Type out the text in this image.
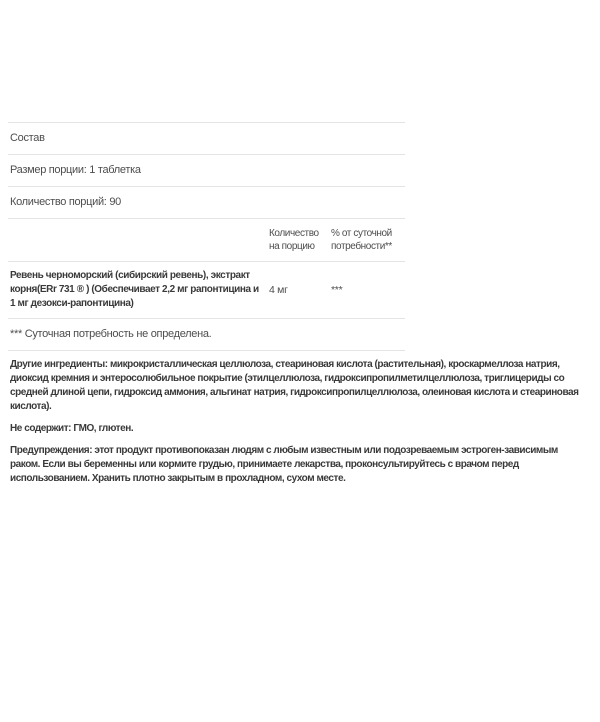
Состав
Размер порции: 1 таблетка
Количество порций: 90
Количество на порцию
% от суточной потребности**
Ревень черноморский (сибирский ревень), экстракт корня(ERr 731 ® ) (Обеспечивает 2,2 мг рапонтицина и 1 мг дезокси-рапонтицина)
4 мг	***
*** Суточная потребность не определена.

Другие ингредиенты: микрокристаллическая целлюлоза, стеариновая кислота (растительная), кроскармеллоза натрия, диоксид кремния и энтеросолюбильное покрытие (этилцеллюлоза, гидроксипропилметилцеллюлоза, триглицериды со средней длиной цепи, гидроксид аммония, альгинат натрия, гидроксипропилцеллюлоза, олеиновая кислота и стеариновая кислота).

Не содержит: ГМО, глютен.

Предупреждения: этот продукт противопоказан людям с любым известным или подозреваемым эстроген-зависимым раком. Если вы беременны или кормите грудью, принимаете лекарства, проконсультируйтесь с врачом перед использованием. Хранить плотно закрытым в прохладном, сухом месте.
